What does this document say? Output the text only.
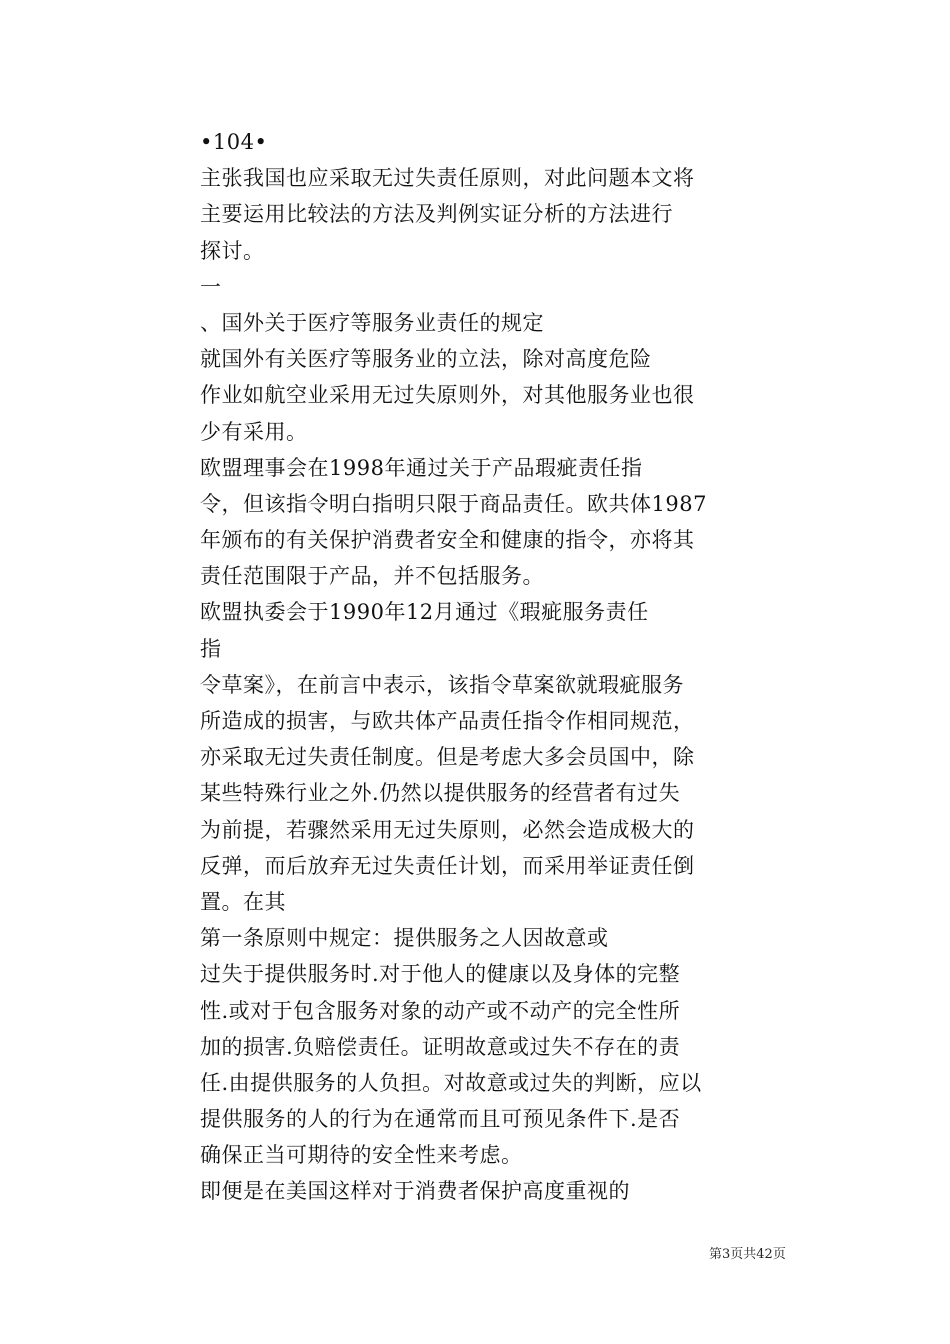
•104•
主张我国也应采取无过失责任原则，对此问题本文将
主要运用比较法的方法及判例实证分析的方法进行
探讨。
一
、国外关于医疗等服务业责任的规定
就国外有关医疗等服务业的立法，除对高度危险
作业如航空业采用无过失原则外，对其他服务业也很
少有采用。
欧盟理事会在1998年通过关于产品瑕疵责任指
令，但该指令明白指明只限于商品责任。欧共体1987
年颁布的有关保护消费者安全和健康的指令，亦将其
责任范围限于产品，并不包括服务。
欧盟执委会于1990年12月通过《瑕疵服务责任
指
令草案》，在前言中表示，该指令草案欲就瑕疵服务
所造成的损害，与欧共体产品责任指令作相同规范，
亦采取无过失责任制度。但是考虑大多会员国中，除
某些特殊行业之外.仍然以提供服务的经营者有过失
为前提，若骤然采用无过失原则，必然会造成极大的
反弹，而后放弃无过失责任计划，而采用举证责任倒
置。在其
第一条原则中规定：提供服务之人因故意或
过失于提供服务时.对于他人的健康以及身体的完整
性.或对于包含服务对象的动产或不动产的完全性所
加的损害.负赔偿责任。证明故意或过失不存在的责
任.由提供服务的人负担。对故意或过失的判断，应以
提供服务的人的行为在通常而且可预见条件下.是否
确保正当可期待的安全性来考虑。
即便是在美国这样对于消费者保护高度重视的
第3页共42页
